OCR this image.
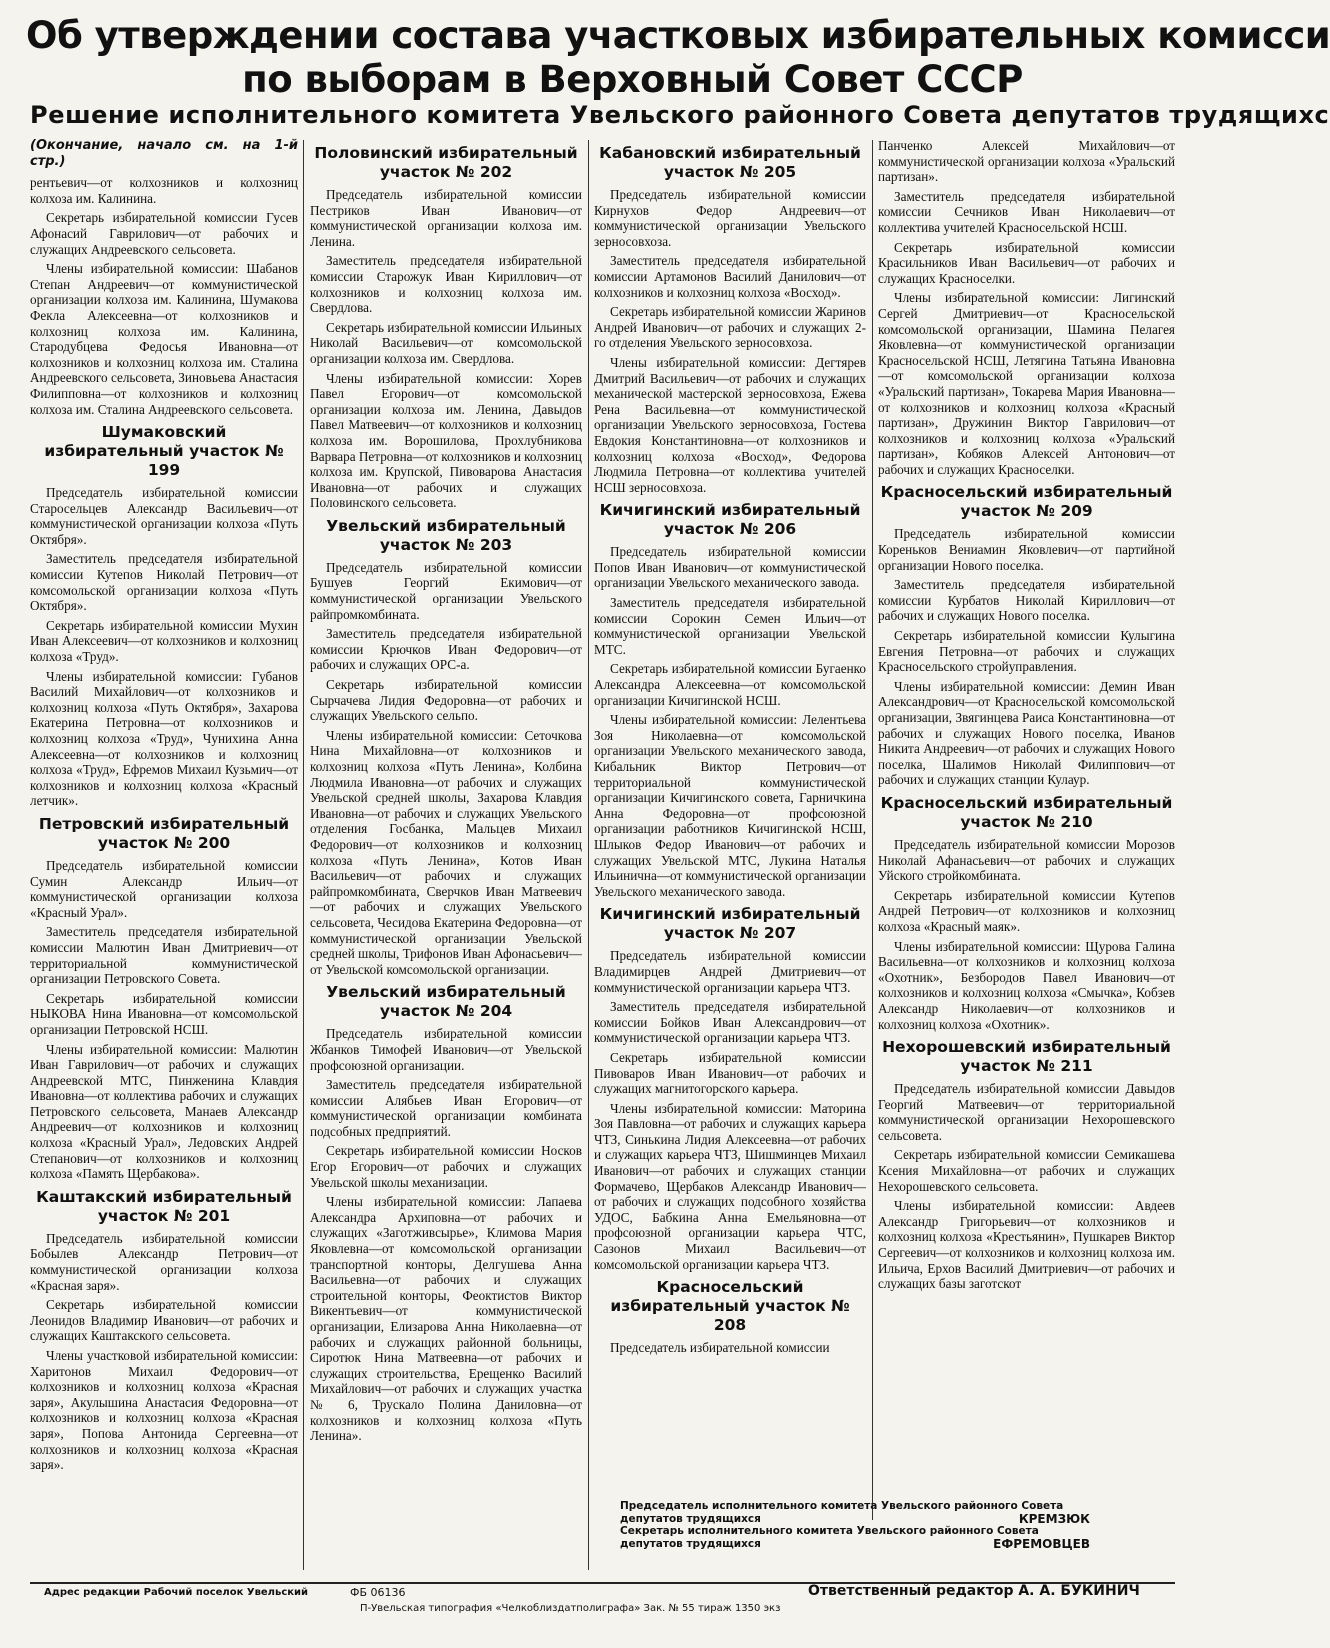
Об утверждении состава участковых избирательных комисси
по выборам в Верховный Совет СССР
Решение исполнительного комитета Увельского районного Совета депутатов трудящихс

(Окончание, начало см. на 1-й стр.)

рентьевич—от колхозников и колхозниц колхоза им. Калинина.

Секретарь избирательной комиссии Гусев Афонасий Гаврилович—от рабочих и служащих Андреевского сельсовета.

Члены избирательной комиссии: Шабанов Степан Андреевич—от коммунистической организации колхоза им. Калинина, Шумакова Фекла Алексеевна—от колхозников и колхозниц колхоза им. Калинина, Стародубцева Федосья Ивановна—от колхозников и колхозниц колхоза им. Сталина Андреевского сельсовета, Зиновьева Анастасия Филипповна—от колхозников и колхозниц колхоза им. Сталина Андреевского сельсовета.

Шумаковский избирательный участок № 199

Председатель избирательной комиссии Старосельцев Александр Васильевич—от коммунистической организации колхоза «Путь Октября».

Заместитель председателя избирательной комиссии Кутепов Николай Петрович—от комсомольской организации колхоза «Путь Октября».

Секретарь избирательной комиссии Мухин Иван Алексеевич—от колхозников и колхозниц колхоза «Труд».

Члены избирательной комиссии: Губанов Василий Михайлович—от колхозников и колхозниц колхоза «Путь Октября», Захарова Екатерина Петровна—от колхозников и колхозниц колхоза «Труд», Чунихина Анна Алексеевна—от колхозников и колхозниц колхоза «Труд», Ефремов Михаил Кузьмич—от колхозников и колхозниц колхоза «Красный летчик».

Петровский избирательный участок № 200

Председатель избирательной комиссии Сумин Александр Ильич—от коммунистической организации колхоза «Красный Урал».

Заместитель председателя избирательной комиссии Малютин Иван Дмитриевич—от территориальной коммунистической организации Петровского Совета.

Секретарь избирательной комиссии НЫКОВА Нина Ивановна—от комсомольской организации Петровской НСШ.

Члены избирательной комиссии: Малютин Иван Гаврилович—от рабочих и служащих Андреевской МТС, Пинженина Клавдия Ивановна—от коллектива рабочих и служащих Петровского сельсовета, Манаев Александр Андреевич—от колхозников и колхозниц колхоза «Красный Урал», Ледовских Андрей Степанович—от колхозников и колхозниц колхоза «Память Щербакова».

Каштакский избирательный участок № 201

Председатель избирательной комиссии Бобылев Александр Петрович—от коммунистической организации колхоза «Красная заря».

Секретарь избирательной комиссии Леонидов Владимир Иванович—от рабочих и служащих Каштакского сельсовета.

Члены участковой избирательной комиссии: Харитонов Михаил Федорович—от колхозников и колхозниц колхоза «Красная заря», Акулышина Анастасия Федоровна—от колхозников и колхозниц колхоза «Красная заря», Попова Антонида Сергеевна—от колхозников и колхозниц колхоза «Красная заря».

Половинский избирательный участок № 202

Председатель избирательной комиссии Пестриков Иван Иванович—от коммунистической организации колхоза им. Ленина.

Заместитель председателя избирательной комиссии Старожук Иван Кириллович—от колхозников и колхозниц колхоза им. Свердлова.

Секретарь избирательной комиссии Ильиных Николай Васильевич—от комсомольской организации колхоза им. Свердлова.

Члены избирательной комиссии: Хорев Павел Егорович—от комсомольской организации колхоза им. Ленина, Давыдов Павел Матвеевич—от колхозников и колхозниц колхоза им. Ворошилова, Прохлубникова Варвара Петровна—от колхозников и колхозниц колхоза им. Крупской, Пивоварова Анастасия Ивановна—от рабочих и служащих Половинского сельсовета.

Увельский избирательный участок № 203

Председатель избирательной комиссии Бушуев Георгий Екимович—от коммунистической организации Увельского райпромкомбината.

Заместитель председателя избирательной комиссии Крючков Иван Федорович—от рабочих и служащих ОРС-а.

Секретарь избирательной комиссии Сырчачева Лидия Федоровна—от рабочих и служащих Увельского сельпо.

Члены избирательной комиссии: Сеточкова Нина Михайловна—от колхозников и колхозниц колхоза «Путь Ленина», Колбина Людмила Ивановна—от рабочих и служащих Увельской средней школы, Захарова Клавдия Ивановна—от рабочих и служащих Увельского отделения Госбанка, Мальцев Михаил Федорович—от колхозников и колхозниц колхоза «Путь Ленина», Котов Иван Васильевич—от рабочих и служащих райпромкомбината, Сверчков Иван Матвеевич—от рабочих и служащих Увельского сельсовета, Чесидова Екатерина Федоровна—от коммунистической организации Увельской средней школы, Трифонов Иван Афонасьевич—от Увельской комсомольской организации.

Увельский избирательный участок № 204

Председатель избирательной комиссии Жбанков Тимофей Иванович—от Увельской профсоюзной организации.

Заместитель председателя избирательной комиссии Алябьев Иван Егорович—от коммунистической организации комбината подсобных предприятий.

Секретарь избирательной комиссии Носков Егор Егорович—от рабочих и служащих Увельской школы механизации.

Члены избирательной комиссии: Лапаева Александра Архиповна—от рабочих и служащих «Заготживсырье», Климова Мария Яковлевна—от комсомольской организации транспортной конторы, Делгушева Анна Васильевна—от рабочих и служащих строительной конторы, Феоктистов Виктор Викентьевич—от коммунистической организации, Елизарова Анна Николаевна—от рабочих и служащих районной больницы, Сиротюк Нина Матвеевна—от рабочих и служащих строительства, Ерещенко Василий Михайлович—от рабочих и служащих участка № 6, Трускало Полина Даниловна—от колхозников и колхозниц колхоза «Путь Ленина».

Кабановский избирательный участок № 205

Председатель избирательной комиссии Кирнухов Федор Андреевич—от коммунистической организации Увельского зерносовхоза.

Заместитель председателя избирательной комиссии Артамонов Василий Данилович—от колхозников и колхозниц колхоза «Восход».

Секретарь избирательной комиссии Жаринов Андрей Иванович—от рабочих и служащих 2-го отделения Увельского зерносовхоза.

Члены избирательной комиссии: Дегтярев Дмитрий Васильевич—от рабочих и служащих механической мастерской зерносовхоза, Ежева Рена Васильевна—от коммунистической организации Увельского зерносовхоза, Гостева Евдокия Константиновна—от колхозников и колхозниц колхоза «Восход», Федорова Людмила Петровна—от коллектива учителей НСШ зерносовхоза.

Кичигинский избирательный участок № 206

Председатель избирательной комиссии Попов Иван Иванович—от коммунистической организации Увельского механического завода.

Заместитель председателя избирательной комиссии Сорокин Семен Ильич—от коммунистической организации Увельской МТС.

Секретарь избирательной комиссии Бугаенко Александра Алексеевна—от комсомольской организации Кичигинской НСШ.

Члены избирательной комиссии: Лелентьева Зоя Николаевна—от комсомольской организации Увельского механического завода, Кибальник Виктор Петрович—от территориальной коммунистической организации Кичигинского совета, Гарничкина Анна Федоровна—от профсоюзной организации работников Кичигинской НСШ, Шлыков Федор Иванович—от рабочих и служащих Увельской МТС, Лукина Наталья Ильинична—от коммунистической организации Увельского механического завода.

Кичигинский избирательный участок № 207

Председатель избирательной комиссии Владимирцев Андрей Дмитриевич—от коммунистической организации карьера ЧТЗ.

Заместитель председателя избирательной комиссии Бойков Иван Александрович—от коммунистической организации карьера ЧТЗ.

Секретарь избирательной комиссии Пивоваров Иван Иванович—от рабочих и служащих магнитогорского карьера.

Члены избирательной комиссии: Маторина Зоя Павловна—от рабочих и служащих карьера ЧТЗ, Синькина Лидия Алексеевна—от рабочих и служащих карьера ЧТЗ, Шишминцев Михаил Иванович—от рабочих и служащих станции Формачево, Щербаков Александр Иванович—от рабочих и служащих подсобного хозяйства УДОС, Бабкина Анна Емельяновна—от профсоюзной организации карьера ЧТС, Сазонов Михаил Васильевич—от комсомольской организации карьера ЧТЗ.

Красносельский избирательный участок № 208

Председатель избирательной комиссии

Панченко Алексей Михайлович—от коммунистической организации колхоза «Уральский партизан».

Заместитель председателя избирательной комиссии Сечников Иван Николаевич—от коллектива учителей Красносельской НСШ.

Секретарь избирательной комиссии Красильников Иван Васильевич—от рабочих и служащих Красноселки.

Члены избирательной комиссии: Лигинский Сергей Дмитриевич—от Красносельской комсомольской организации, Шамина Пелагея Яковлевна—от коммунистической организации Красносельской НСШ, Летягина Татьяна Ивановна—от комсомольской организации колхоза «Уральский партизан», Токарева Мария Ивановна—от колхозников и колхозниц колхоза «Красный партизан», Дружинин Виктор Гаврилович—от колхозников и колхозниц колхоза «Уральский партизан», Кобяков Алексей Антонович—от рабочих и служащих Красноселки.

Красносельский избирательный участок № 209

Председатель избирательной комиссии Кореньков Вениамин Яковлевич—от партийной организации Нового поселка.

Заместитель председателя избирательной комиссии Курбатов Николай Кириллович—от рабочих и служащих Нового поселка.

Секретарь избирательной комиссии Кулыгина Евгения Петровна—от рабочих и служащих Красносельского стройуправления.

Члены избирательной комиссии: Демин Иван Александрович—от Красносельской комсомольской организации, Звягинцева Раиса Константиновна—от рабочих и служащих Нового поселка, Иванов Никита Андреевич—от рабочих и служащих Нового поселка, Шалимов Николай Филиппович—от рабочих и служащих станции Кулаур.

Красносельский избирательный участок № 210

Председатель избирательной комиссии Морозов Николай Афанасьевич—от рабочих и служащих Уйского стройкомбината.

Секретарь избирательной комиссии Кутепов Андрей Петрович—от колхозников и колхозниц колхоза «Красный маяк».

Члены избирательной комиссии: Щурова Галина Васильевна—от колхозников и колхозниц колхоза «Охотник», Безбородов Павел Иванович—от колхозников и колхозниц колхоза «Смычка», Кобзев Александр Николаевич—от колхозников и колхозниц колхоза «Охотник».

Нехорошевский избирательный участок № 211

Председатель избирательной комиссии Давыдов Георгий Матвеевич—от территориальной коммунистической организации Нехорошевского сельсовета.

Секретарь избирательной комиссии Семикашева Ксения Михайловна—от рабочих и служащих Нехорошевского сельсовета.

Члены избирательной комиссии: Авдеев Александр Григорьевич—от колхозников и колхозниц колхоза «Крестьянин», Пушкарев Виктор Сергеевич—от колхозников и колхозниц колхоза им. Ильича, Ерхов Василий Дмитриевич—от рабочих и служащих базы заготскот

Председатель исполнительного комитета Увельского районного Совета
депутатов трудящихся	КРЕМЗЮК
Секретарь исполнительного комитета Увельского районного Совета
депутатов трудящихся	ЕФРЕМОВЦЕВ
Адрес редакции Рабочий поселок Увельский	ФБ 06136	Ответственный редактор А. А. БУКИНИЧ
П-Увельская типография «Челкоблиздатполиграфа» Зак. № 55 тираж 1350 экз
